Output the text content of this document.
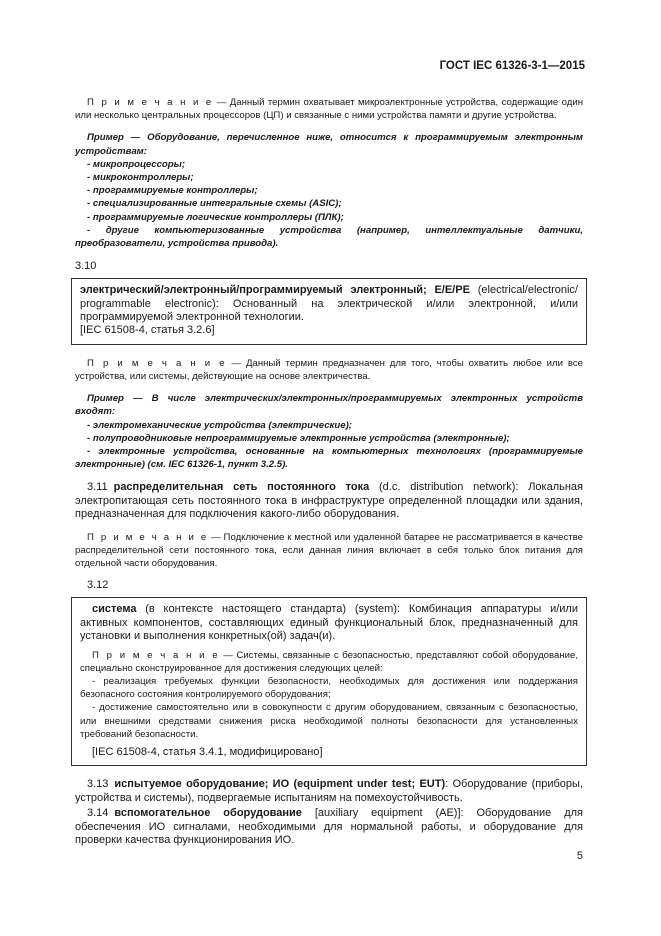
ГОСТ IEC 61326-3-1—2015

П р и м е ч а н и е — Данный термин охватывает микроэлектронные устройства, содержащие один или несколько центральных процессоров (ЦП) и связанные с ними устройства памяти и другие устройства.

Пример — Оборудование, перечисленное ниже, относится к программируемым электронным устройствам:

- микропроцессоры;

- микроконтроллеры;

- программируемые контроллеры;

- специализированные интегральные схемы (ASIC);

- программируемые логические контроллеры (ПЛК);

- другие компьютеризованные устройства (например, интеллектуальные датчики, преобразователи, устройства привода).

3.10

электрический/электронный/программируемый электронный; E/E/PE (electrical/electronic/ programmable electronic): Основанный на электрической и/или электронной, и/или программируемой электронной технологии.

[IEC 61508-4, статья 3.2.6]

П р и м е ч а н и е — Данный термин предназначен для того, чтобы охватить любое или все устройства, или системы, действующие на основе электричества.

Пример — В числе электрических/электронных/программируемых электронных устройств входят:

- электромеханические устройства (электрические);

- полупроводниковые непрограммируемые электронные устройства (электронные);

- электронные устройства, основанные на компьютерных технологиях (программируемые электронные) (см. IEC 61326-1, пункт 3.2.5).

3.11 распределительная сеть постоянного тока (d.c. distribution network): Локальная электропитающая сеть постоянного тока в инфраструктуре определенной площадки или здания, предназначенная для подключения какого-либо оборудования.

П р и м е ч а н и е — Подключение к местной или удаленной батарее не рассматривается в качестве распределительной сети постоянного тока, если данная линия включает в себя только блок питания для отдельной части оборудования.

3.12

система (в контексте настоящего стандарта) (system): Комбинация аппаратуры и/или активных компонентов, составляющих единый функциональный блок, предназначенный для установки и выполнения конкретных(ой) задач(и).

П р и м е ч а н и е — Системы, связанные с безопасностью, представляют собой оборудование, специально сконструированное для достижения следующих целей:

- реализация требуемых функции безопасности, необходимых для достижения или поддержания безопасного состояния контролируемого оборудования;

- достижение самостоятельно или в совокупности с другим оборудованием, связанным с безопасностью, или внешними средствами снижения риска необходимой полноты безопасности для установленных требований безопасности.

[IEC 61508-4, статья 3.4.1, модифицировано]

3.13 испытуемое оборудование; ИО (equipment under test; EUT): Оборудование (приборы, устройства и системы), подвергаемые испытаниям на помехоустойчивость.

3.14 вспомогательное оборудование [auxiliary equipment (AE)]: Оборудование для обеспечения ИО сигналами, необходимыми для нормальной работы, и оборудование для проверки качества функционирования ИО.

5
